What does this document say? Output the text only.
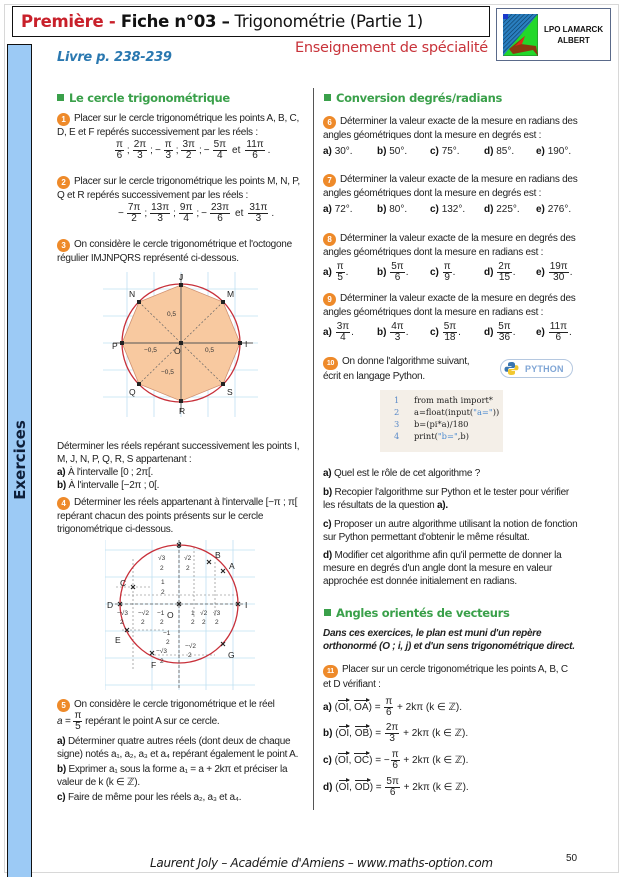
Première - Fiche n°03 – Trigonométrie (Partie 1)	LPO LAMARCK
ALBERT
Enseignement de spécialité
Livre p. 238-239
Exercices
Le cercle trigonométrique
1 Placer sur le cercle trigonométrique les points A, B, C, D, E et F repérés successivement par les réels :
$\frac{\pi}{6}$ ; $\frac{2\pi}{3}$ ; − $\frac{\pi}{3}$ ; $\frac{3\pi}{2}$ ; − $\frac{5\pi}{4}$ et $\frac{11\pi}{6}$ .
2 Placer sur le cercle trigonométrique les points M, N, P, Q et R repérés successivement par les réels :
− $\frac{7\pi}{2}$ ; $\frac{13\pi}{3}$ ; $\frac{9\pi}{4}$ ; − $\frac{23\pi}{6}$ et $\frac{31\pi}{3}$ .
3 On considère le cercle trigonométrique et l'octogone régulier IMJNPQRS représenté ci-dessous.
I
M
J
N
P
Q
R
S
O
0,5
−0,5	0,5
−0,5
Déterminer les réels repérant successivement les points I, M, J, N, P, Q, R, S appartenant :
a) À l'intervalle [0 ; 2π[.
b) À l'intervalle [−2π ; 0[.
4 Déterminer les réels appartenant à l'intervalle [−π ; π[ repérant chacun des points présents sur le cercle trigonométrique ci-dessous.
I
J
D
O
B
A
C
E
F
G
√3
2
√2
2
1
2
−√3
2
−√2
2
−1
2
1
2
√2
2
√3
2
−1
2
−√3
2
−√2
2
5 On considère le cercle trigonométrique et le réel
$a = \frac{\pi}{5}$ repérant le point A sur ce cercle.
a) Déterminer quatre autres réels (dont deux de chaque signe) notés a₁, a₂, a₃ et a₄ repérant également le point A.
b) Exprimer a₁ sous la forme a₁ = a + 2kπ et préciser la valeur de k (k ∈ ℤ).
c) Faire de même pour les réels a₂, a₃ et a₄.
Conversion degrés/radians
6 Déterminer la valeur exacte de la mesure en radians des angles géométriques dont la mesure en degrés est :
a)
30°. b)
50°. c)
75°. d)
85°. e)
190°.
7 Déterminer la valeur exacte de la mesure en radians des angles géométriques dont la mesure en degrés est :
a)
72°. b)
80°. c)
132°. d)
225°. e)
276°.
8 Déterminer la valeur exacte de la mesure en degrés des angles géométriques dont la mesure en radians est :
a)
$\frac{\pi}{5}$ .	b)
$\frac{5\pi}{6}$ .	c)
$\frac{\pi}{9}$ .	d)
$\frac{2\pi}{15}$ .	e)
$\frac{19\pi}{30}$ .
9 Déterminer la valeur exacte de la mesure en degrés des angles géométriques dont la mesure en radians est :
a)
$\frac{3\pi}{4}$ .	b)
$\frac{4\pi}{3}$ .	c)
$\frac{5\pi}{18}$ .	d)
$\frac{5\pi}{36}$ .	e)
$\frac{11\pi}{6}$ .
10 On donne l'algorithme suivant, écrit en langage Python.
PYTHON
1 from math import*
2 a=float(input("a="))
3 b=(pi*a)/180
4 print("b=",b)
a) Quel est le rôle de cet algorithme ?
b) Recopier l'algorithme sur Python et le tester pour vérifier les résultats de la question a).
c) Proposer un autre algorithme utilisant la notion de fonction sur Python permettant d'obtenir le même résultat.
d) Modifier cet algorithme afin qu'il permette de donner la mesure en degrés d'un angle dont la mesure en valeur approchée est donnée initialement en radians.
Angles orientés de vecteurs
Dans ces exercices, le plan est muni d'un repère orthonormé (O ; i, j) et d'un sens trigonométrique direct.
11 Placer sur un cercle trigonométrique les points A, B, C et D vérifiant :
a) ( OI , OA ) = $\frac{\pi}{6}$
+ 2kπ (k ∈ ℤ).
b) ( OI , OB ) = $\frac{2\pi}{3}$
+ 2kπ (k ∈ ℤ).
c) ( OI , OC ) = − $\frac{\pi}{6}$
+ 2kπ (k ∈ ℤ).
d) ( OI , OD ) = $\frac{5\pi}{6}$
+ 2kπ (k ∈ ℤ).
Laurent Joly – Académie d'Amiens – www.maths-option.com	50
